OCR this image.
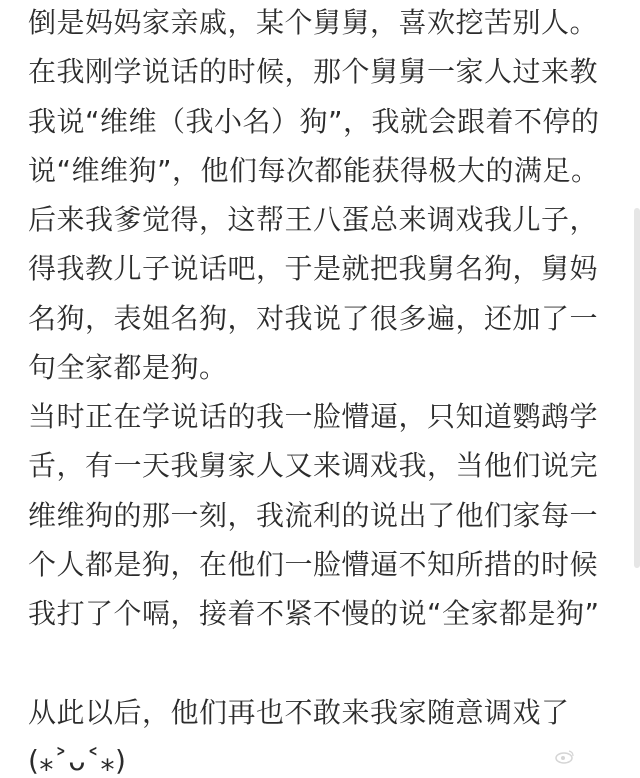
倒是妈妈家亲戚，某个舅舅，喜欢挖苦别人。
在我刚学说话的时候，那个舅舅一家人过来教
我说“维维（我小名）狗”，我就会跟着不停的
说“维维狗”，他们每次都能获得极大的满足。
后来我爹觉得，这帮王八蛋总来调戏我儿子，
得我教儿子说话吧，于是就把我舅名狗，舅妈
名狗，表姐名狗，对我说了很多遍，还加了一
句全家都是狗。
当时正在学说话的我一脸懵逼，只知道鹦鹉学
舌，有一天我舅家人又来调戏我，当他们说完
维维狗的那一刻，我流利的说出了他们家每一
个人都是狗，在他们一脸懵逼不知所措的时候
我打了个嗝，接着不紧不慢的说“全家都是狗”
从此以后，他们再也不敢来我家随意调戏了
(⁎˃ᴗ˂⁎)
